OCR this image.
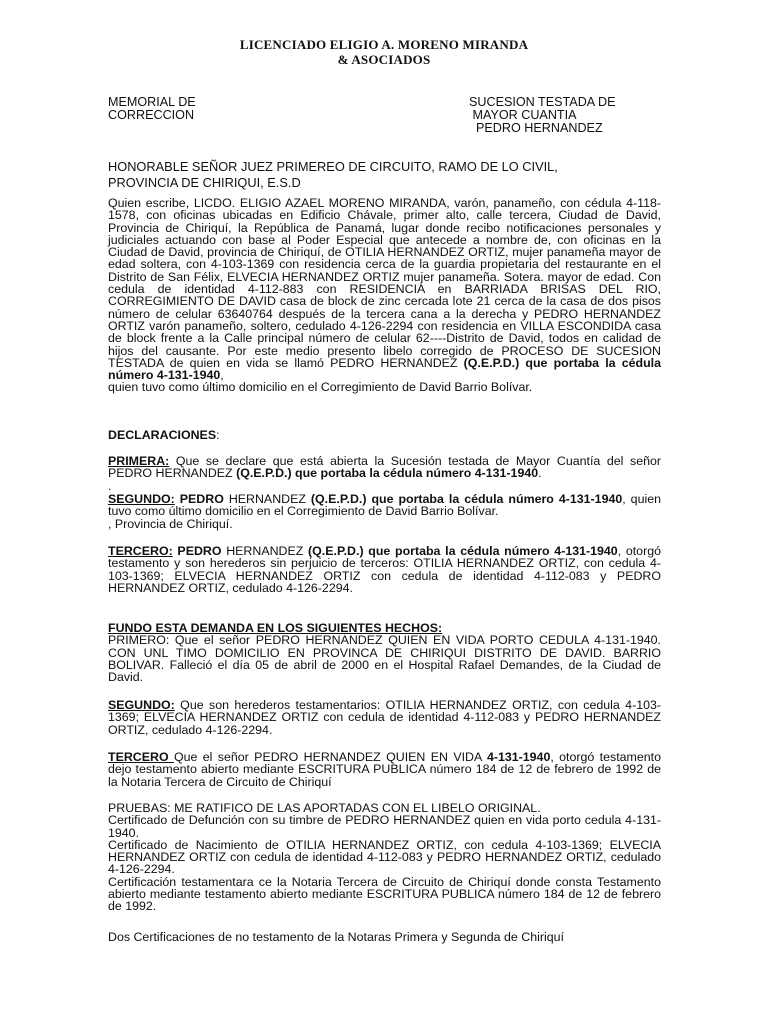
LICENCIADO ELIGIO A. MORENO MIRANDA
& ASOCIADOS
MEMORIAL DE
CORRECCION
SUCESION TESTADA DE
MAYOR CUANTIA
PEDRO HERNANDEZ
HONORABLE SEÑOR JUEZ PRIMEREO DE CIRCUITO, RAMO DE LO CIVIL,
PROVINCIA DE CHIRIQUI, E.S.D
Quien escribe, LICDO. ELIGIO AZAEL MORENO MIRANDA, varón, panameño, con cédula 4-118-1578, con oficinas ubicadas en Edificio Chávale, primer alto, calle tercera, Ciudad de David, Provincia de Chiriquí, la República de Panamá, lugar donde recibo notificaciones personales y judiciales actuando con base al Poder Especial que antecede a nombre de, con oficinas en la Ciudad de David, provincia de Chiriquí, de OTILIA HERNANDEZ ORTIZ, mujer panameña mayor de edad soltera, con 4-103-1369 con residencia cerca de la guardia propietaria del restaurante en el Distrito de San Félix, ELVECIA HERNANDEZ ORTIZ mujer panameña. Sotera. mayor de edad. Con cedula de identidad 4-112-883 con RESIDENCIA en BARRIADA BRISAS DEL RIO, CORREGIMIENTO DE DAVID casa de block de zinc cercada lote 21 cerca de la casa de dos pisos número de celular 63640764 después de la tercera cana a la derecha y PEDRO HERNANDEZ ORTIZ varón panameño, soltero, cedulado 4-126-2294 con residencia en VILLA ESCONDIDA casa de block frente a la Calle principal número de celular 62----Distrito de David, todos en calidad de hijos del causante. Por este medio presento libelo corregido de PROCESO DE SUCESION TESTADA de quien en vida se llamó PEDRO HERNANDEZ (Q.E.P.D.) que portaba la cédula número 4-131-1940,
quien tuvo como último domicilio en el Corregimiento de David Barrio Bolívar.
DECLARACIONES:
PRIMERA: Que se declare que está abierta la Sucesión testada de Mayor Cuantía del señor PEDRO HERNANDEZ (Q.E.P.D.) que portaba la cédula número 4-131-1940.
.
SEGUNDO: PEDRO HERNANDEZ (Q.E.P.D.) que portaba la cédula número 4-131-1940, quien tuvo como último domicilio en el Corregimiento de David Barrio Bolívar.
, Provincia de Chiriquí.
TERCERO: PEDRO HERNANDEZ (Q.E.P.D.) que portaba la cédula número 4-131-1940, otorgó testamento y son herederos sin perjuicio de terceros: OTILIA HERNANDEZ ORTIZ, con cedula 4-103-1369; ELVECIA HERNANDEZ ORTIZ con cedula de identidad 4-112-083 y PEDRO HERNANDEZ ORTIZ, cedulado 4-126-2294.
FUNDO ESTA DEMANDA EN LOS SIGUIENTES HECHOS:
PRIMERO: Que el señor PEDRO HERNANDEZ QUIEN EN VIDA PORTO CEDULA 4-131-1940. CON UNL TIMO DOMICILIO EN PROVINCA DE CHIRIQUI DISTRITO DE DAVID. BARRIO BOLIVAR. Falleció el día 05 de abril de 2000 en el Hospital Rafael Demandes, de la Ciudad de David.
SEGUNDO: Que son herederos testamentarios: OTILIA HERNANDEZ ORTIZ, con cedula 4-103-1369; ELVECIA HERNANDEZ ORTIZ con cedula de identidad 4-112-083 y PEDRO HERNANDEZ ORTIZ, cedulado 4-126-2294.
TERCERO Que el señor PEDRO HERNANDEZ QUIEN EN VIDA 4-131-1940, otorgó testamento dejo testamento abierto mediante ESCRITURA PUBLICA número 184 de 12 de febrero de 1992 de la Notaria Tercera de Circuito de Chiriquí
PRUEBAS: ME RATIFICO DE LAS APORTADAS CON EL LIBELO ORIGINAL.
Certificado de Defunción con su timbre de PEDRO HERNANDEZ quien en vida porto cedula 4-131-1940.
Certificado de Nacimiento de OTILIA HERNANDEZ ORTIZ, con cedula 4-103-1369; ELVECIA HERNANDEZ ORTIZ con cedula de identidad 4-112-083 y PEDRO HERNANDEZ ORTIZ, cedulado 4-126-2294.
Certificación testamentara ce la Notaria Tercera de Circuito de Chiriquí donde consta Testamento abierto mediante testamento abierto mediante ESCRITURA PUBLICA número 184 de 12 de febrero de 1992.
Dos Certificaciones de no testamento de la Notaras Primera y Segunda de Chiriquí
